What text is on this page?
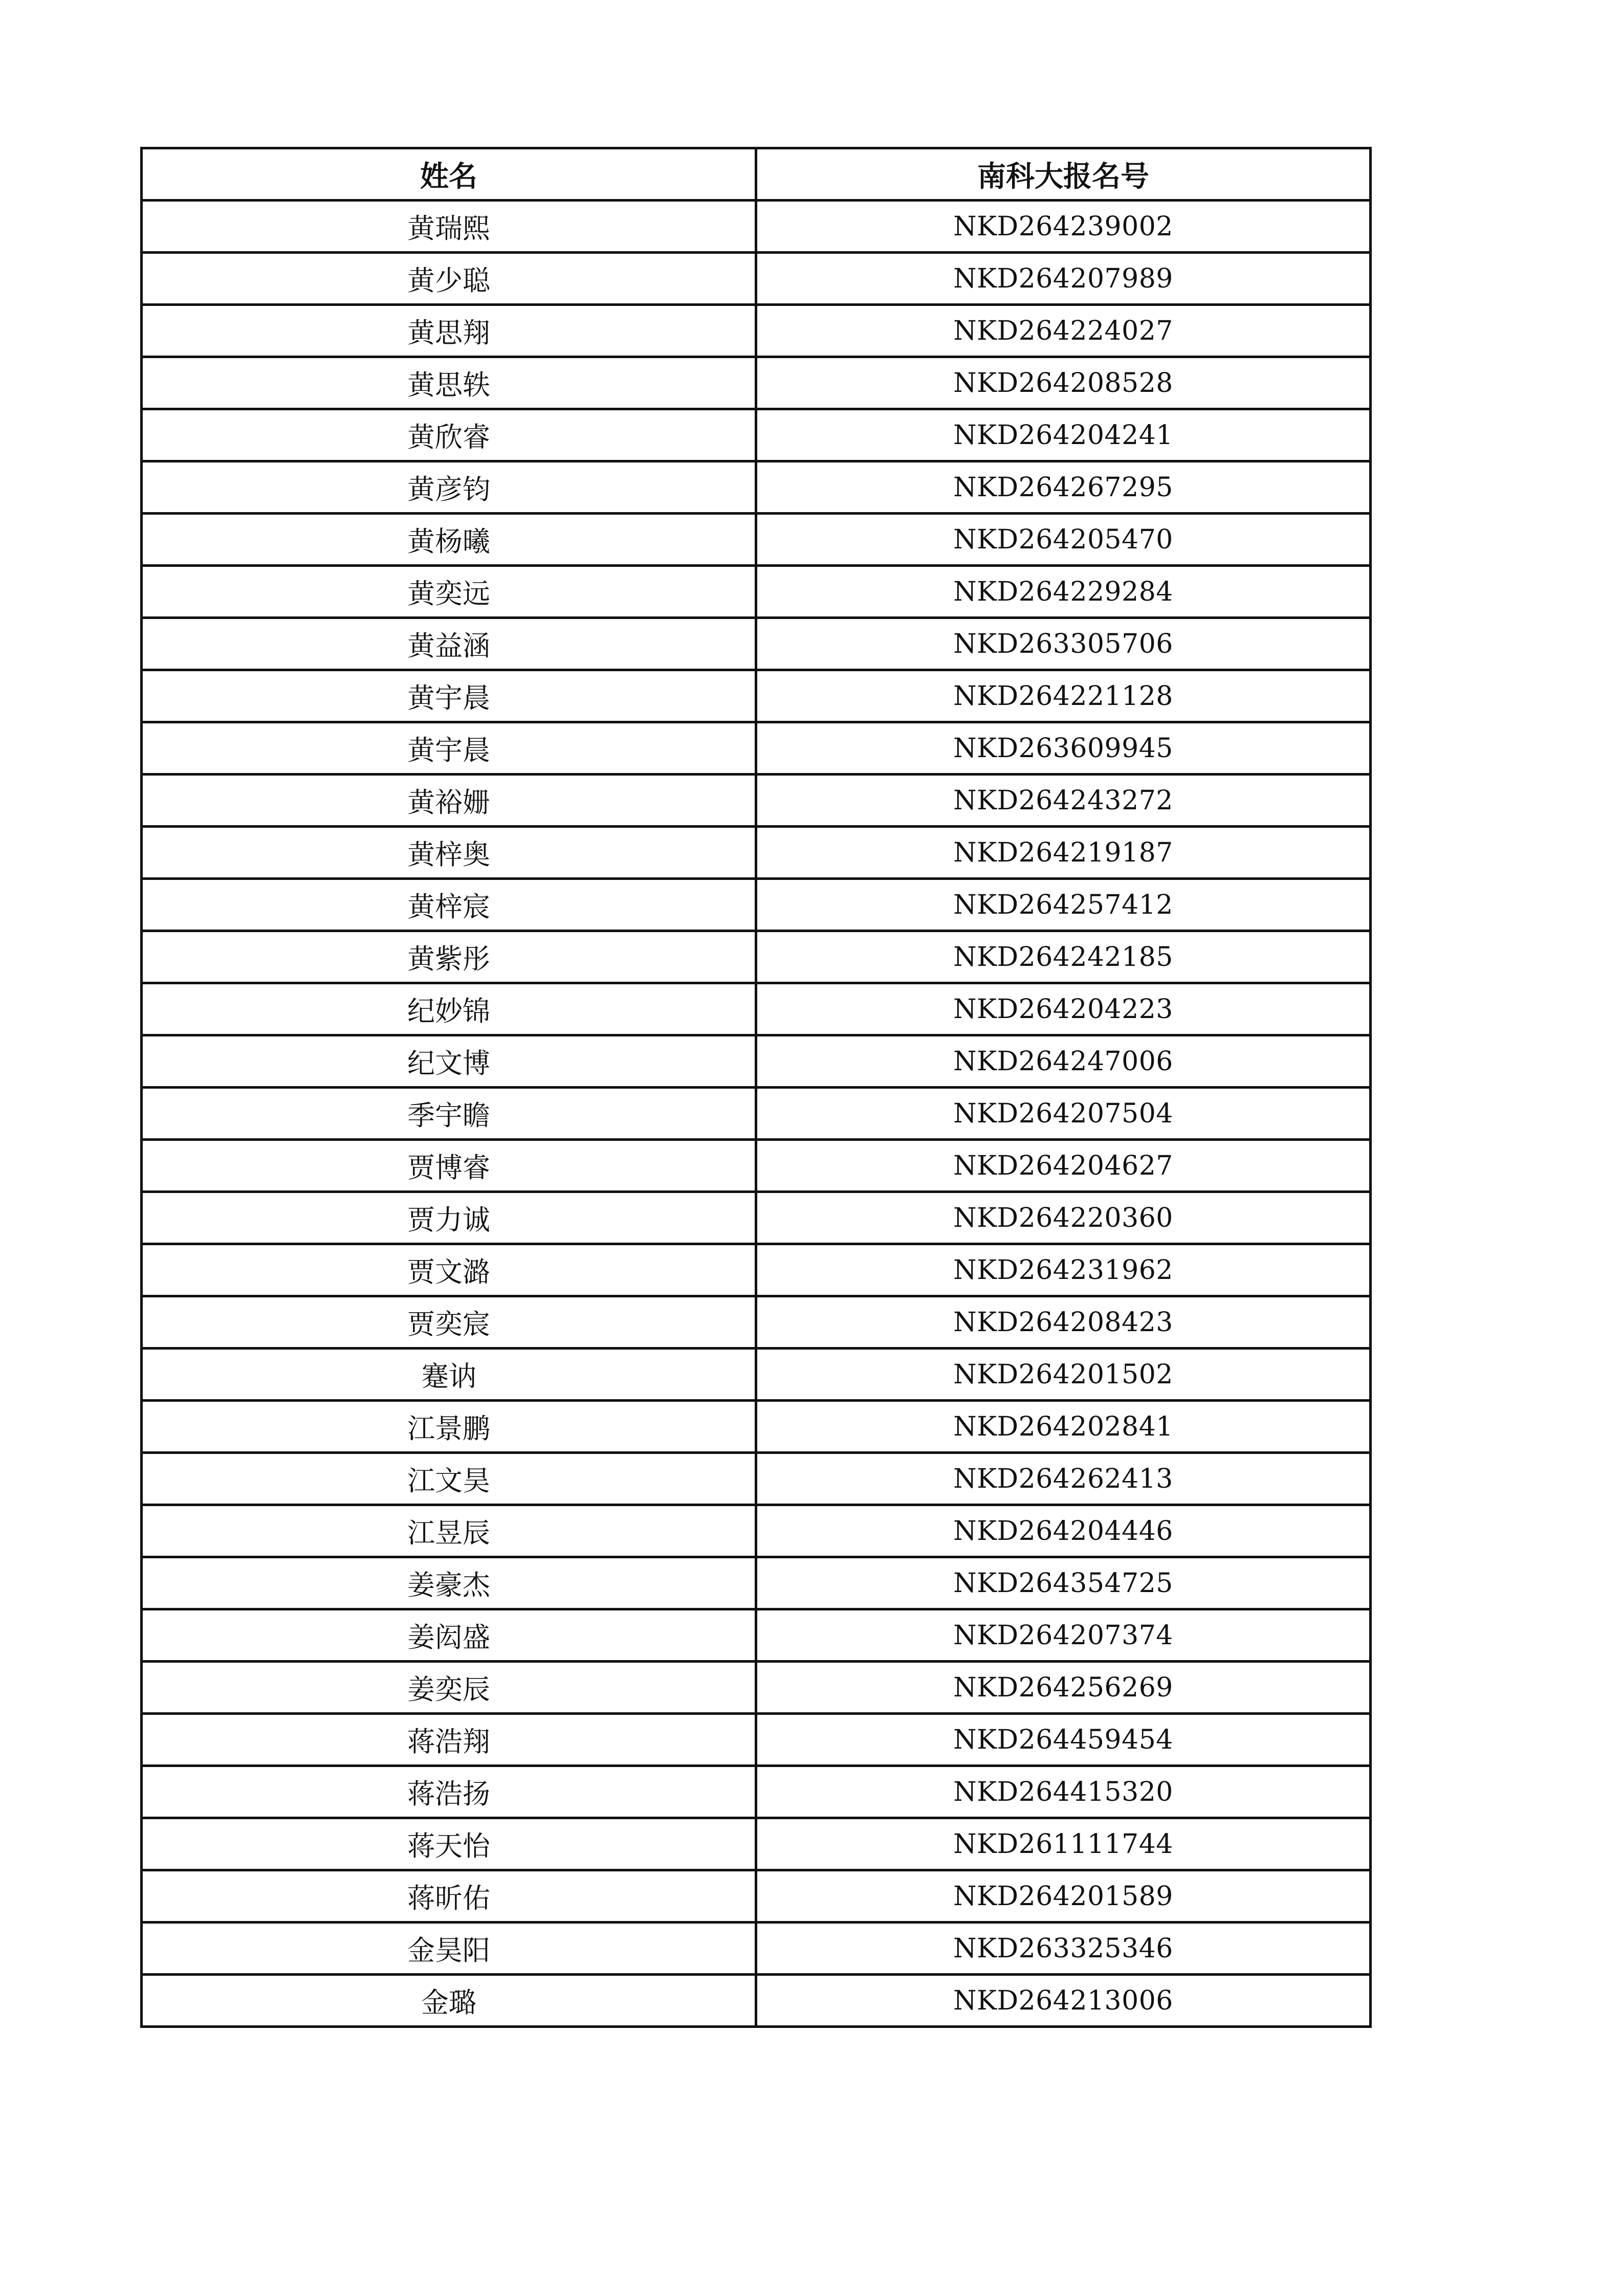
姓名	南科大报名号
黄瑞熙	NKD264239002
黄少聪	NKD264207989
黄思翔	NKD264224027
黄思轶	NKD264208528
黄欣睿	NKD264204241
黄彦钧	NKD264267295
黄杨曦	NKD264205470
黄奕远	NKD264229284
黄益涵	NKD263305706
黄宇晨	NKD264221128
黄宇晨	NKD263609945
黄裕姗	NKD264243272
黄梓奥	NKD264219187
黄梓宸	NKD264257412
黄紫彤	NKD264242185
纪妙锦	NKD264204223
纪文博	NKD264247006
季宇瞻	NKD264207504
贾博睿	NKD264204627
贾力诚	NKD264220360
贾文潞	NKD264231962
贾奕宸	NKD264208423
蹇讷	NKD264201502
江景鹏	NKD264202841
江文昊	NKD264262413
江昱辰	NKD264204446
姜豪杰	NKD264354725
姜闳盛	NKD264207374
姜奕辰	NKD264256269
蒋浩翔	NKD264459454
蒋浩扬	NKD264415320
蒋天怡	NKD261111744
蒋昕佑	NKD264201589
金昊阳	NKD263325346
金璐	NKD264213006
